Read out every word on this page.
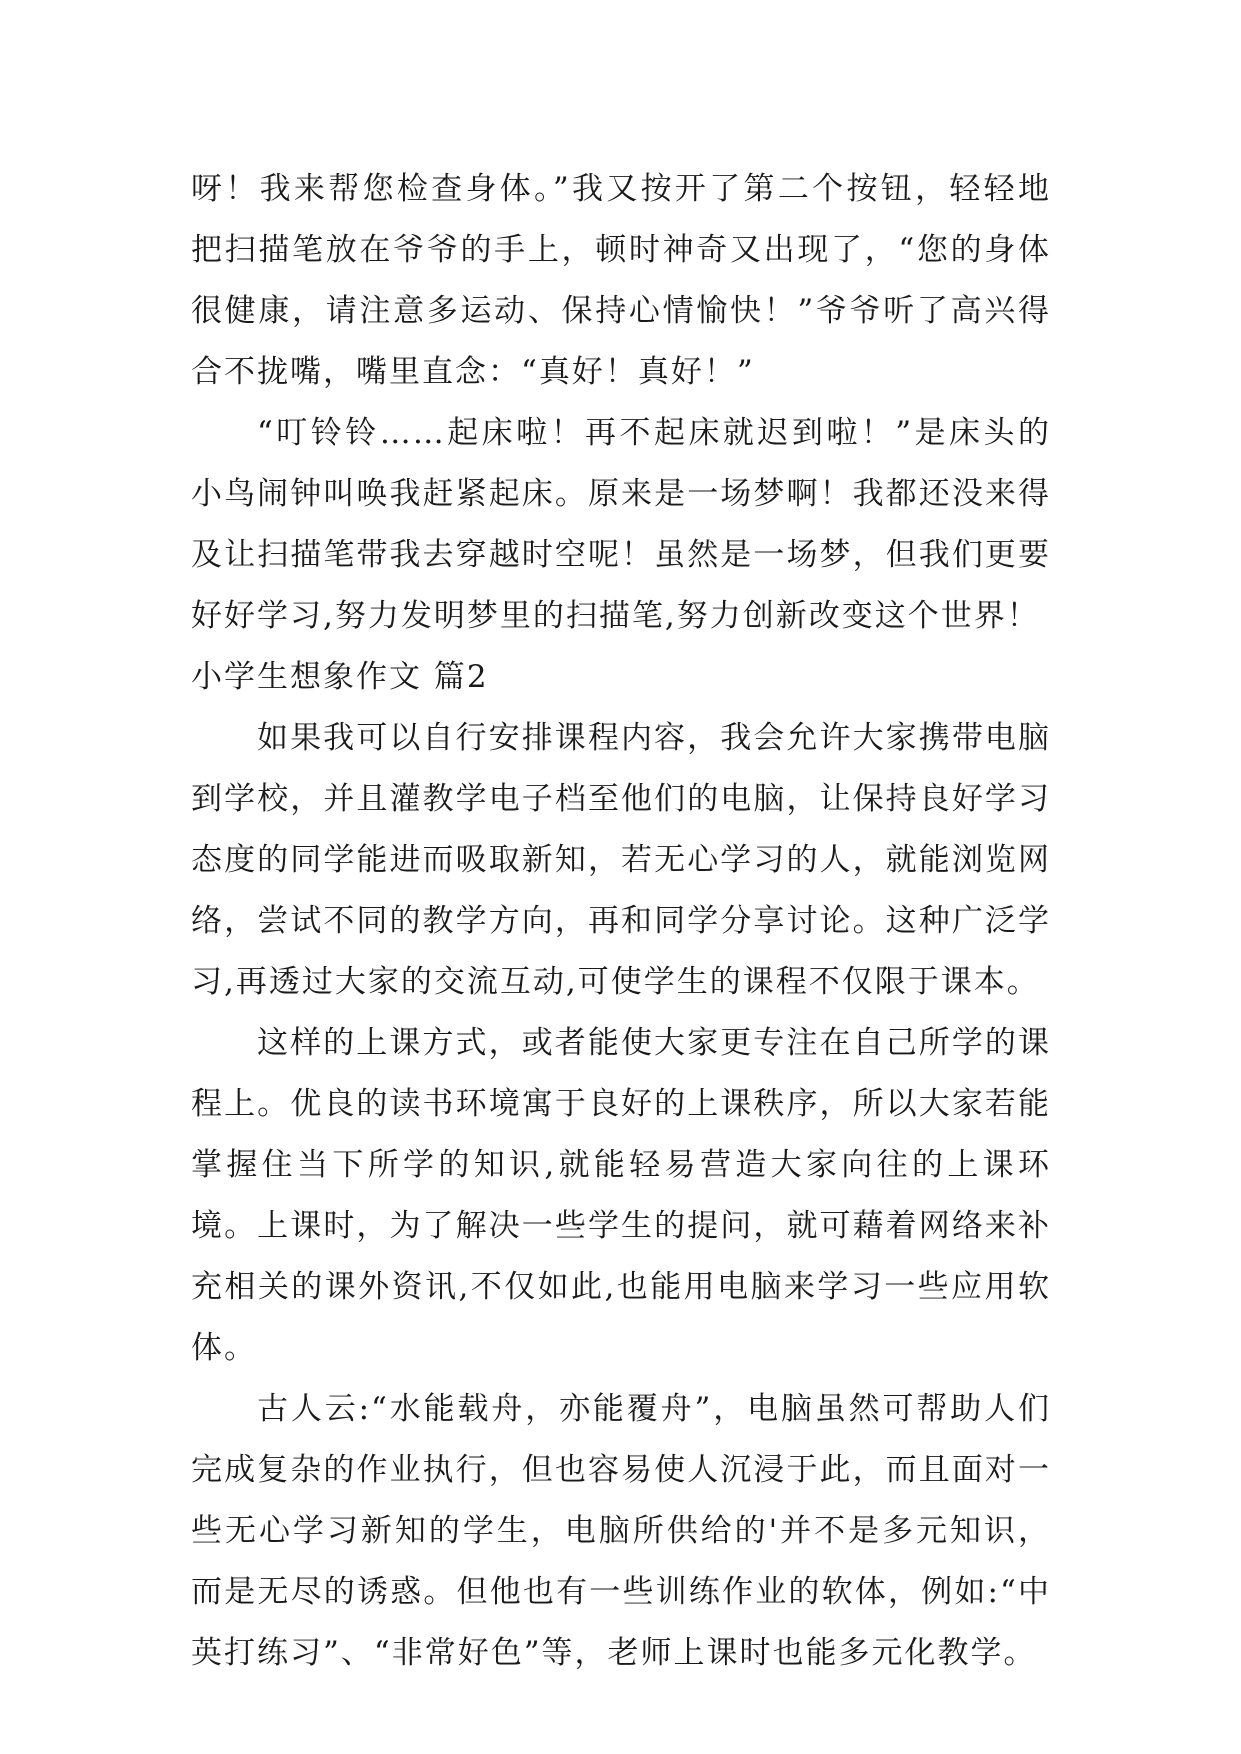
呀！我来帮您检查身体。”我又按开了第二个按钮，轻轻地把扫描笔放在爷爷的手上，顿时神奇又出现了，“您的身体很健康，请注意多运动、保持心情愉快！”爷爷听了高兴得合不拢嘴，嘴里直念：“真好！真好！”

“叮铃铃……起床啦！再不起床就迟到啦！”是床头的小鸟闹钟叫唤我赶紧起床。原来是一场梦啊！我都还没来得及让扫描笔带我去穿越时空呢！虽然是一场梦，但我们更要好好学习,努力发明梦里的扫描笔,努力创新改变这个世界！

小学生想象作文 篇2

如果我可以自行安排课程内容，我会允许大家携带电脑到学校，并且灌教学电子档至他们的电脑，让保持良好学习态度的同学能进而吸取新知，若无心学习的人，就能浏览网络，尝试不同的教学方向，再和同学分享讨论。这种广泛学习,再透过大家的交流互动,可使学生的课程不仅限于课本。

这样的上课方式，或者能使大家更专注在自己所学的课程上。优良的读书环境寓于良好的上课秩序，所以大家若能掌握住当下所学的知识,就能轻易营造大家向往的上课环境。上课时，为了解决一些学生的提问，就可藉着网络来补充相关的课外资讯,不仅如此,也能用电脑来学习一些应用软体。

古人云:“水能载舟，亦能覆舟”，电脑虽然可帮助人们完成复杂的作业执行，但也容易使人沉浸于此，而且面对一些无心学习新知的学生，电脑所供给的'并不是多元知识，而是无尽的诱惑。但他也有一些训练作业的软体，例如:“中英打练习”、“非常好色”等，老师上课时也能多元化教学。
